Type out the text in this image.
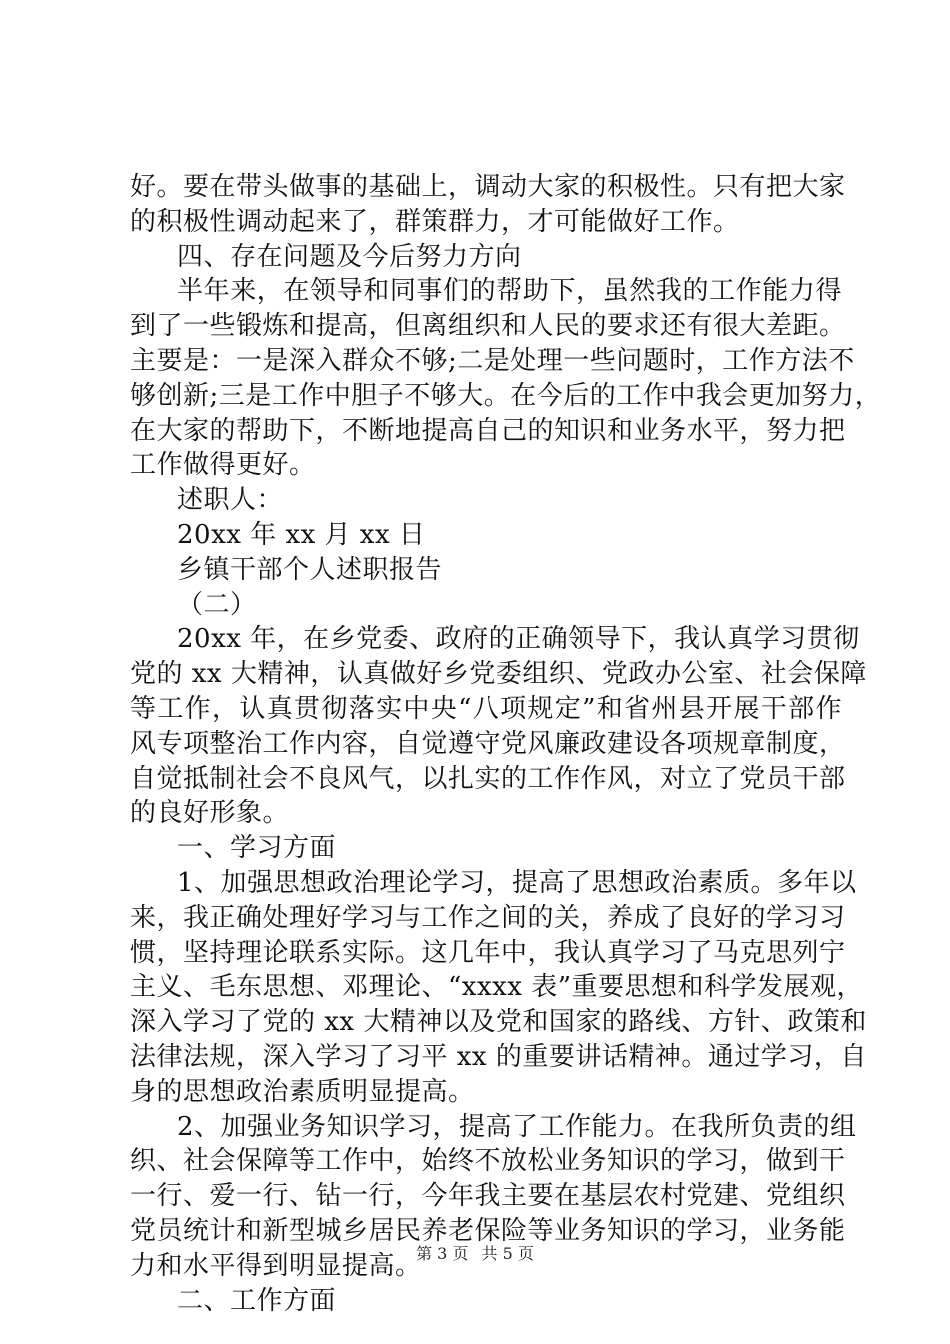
好。要在带头做事的基础上，调动大家的积极性。只有把大家
的积极性调动起来了，群策群力，才可能做好工作。
四、存在问题及今后努力方向
半年来，在领导和同事们的帮助下，虽然我的工作能力得
到了一些锻炼和提高，但离组织和人民的要求还有很大差距。
主要是：一是深入群众不够;二是处理一些问题时，工作方法不
够创新;三是工作中胆子不够大。在今后的工作中我会更加努力，
在大家的帮助下，不断地提高自己的知识和业务水平，努力把
工作做得更好。
述职人：
20xx 年 xx 月 xx 日
乡镇干部个人述职报告
（二）
20xx 年，在乡党委、政府的正确领导下，我认真学习贯彻
党的 xx 大精神，认真做好乡党委组织、党政办公室、社会保障
等工作，认真贯彻落实中央“八项规定”和省州县开展干部作
风专项整治工作内容，自觉遵守党风廉政建设各项规章制度，
自觉抵制社会不良风气，以扎实的工作作风，对立了党员干部
的良好形象。
一、学习方面
1、加强思想政治理论学习，提高了思想政治素质。多年以
来，我正确处理好学习与工作之间的关，养成了良好的学习习
惯，坚持理论联系实际。这几年中，我认真学习了马克思列宁
主义、毛东思想、邓理论、“xxxx 表”重要思想和科学发展观，
深入学习了党的 xx 大精神以及党和国家的路线、方针、政策和
法律法规，深入学习了习平 xx 的重要讲话精神。通过学习，自
身的思想政治素质明显提高。
2、加强业务知识学习，提高了工作能力。在我所负责的组
织、社会保障等工作中，始终不放松业务知识的学习，做到干
一行、爱一行、钻一行，今年我主要在基层农村党建、党组织
党员统计和新型城乡居民养老保险等业务知识的学习，业务能
力和水平得到明显提高。
二、工作方面
第 3 页 共 5 页
